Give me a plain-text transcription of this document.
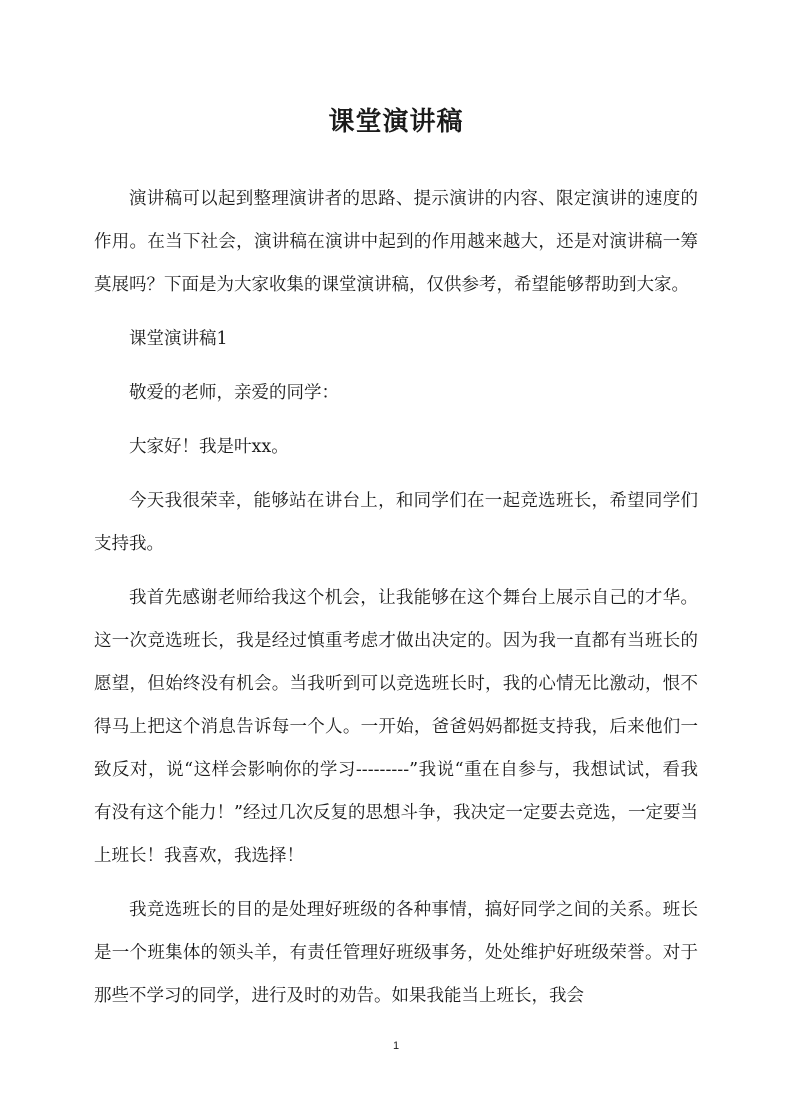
课堂演讲稿

演讲稿可以起到整理演讲者的思路、提示演讲的内容、限定演讲的速度的作用。在当下社会，演讲稿在演讲中起到的作用越来越大，还是对演讲稿一筹莫展吗？下面是为大家收集的课堂演讲稿，仅供参考，希望能够帮助到大家。

课堂演讲稿1

敬爱的老师，亲爱的同学：

大家好！我是叶xx。

今天我很荣幸，能够站在讲台上，和同学们在一起竞选班长，希望同学们支持我。

我首先感谢老师给我这个机会，让我能够在这个舞台上展示自己的才华。这一次竞选班长，我是经过慎重考虑才做出决定的。因为我一直都有当班长的愿望，但始终没有机会。当我听到可以竞选班长时，我的心情无比激动，恨不得马上把这个消息告诉每一个人。一开始，爸爸妈妈都挺支持我，后来他们一致反对，说“这样会影响你的学习---------”我说“重在自参与，我想试试，看我有没有这个能力！”经过几次反复的思想斗争，我决定一定要去竞选，一定要当上班长！我喜欢，我选择！

我竞选班长的目的是处理好班级的各种事情，搞好同学之间的关系。班长是一个班集体的领头羊，有责任管理好班级事务，处处维护好班级荣誉。对于那些不学习的同学，进行及时的劝告。如果我能当上班长，我会

1
